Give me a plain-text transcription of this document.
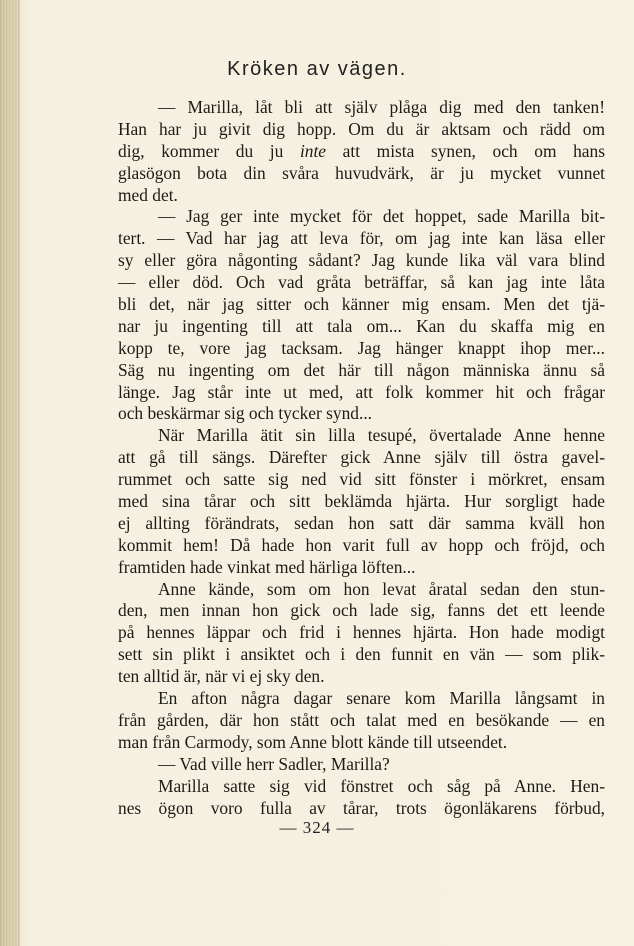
Kröken av vägen.
— Marilla, låt bli att själv plåga dig med den tanken!
Han har ju givit dig hopp. Om du är aktsam och rädd om
dig, kommer du ju inte att mista synen, och om hans
glasögon bota din svåra huvudvärk, är ju mycket vunnet
med det.
— Jag ger inte mycket för det hoppet, sade Marilla bit-
tert. — Vad har jag att leva för, om jag inte kan läsa eller
sy eller göra någonting sådant? Jag kunde lika väl vara blind
— eller död. Och vad gråta beträffar, så kan jag inte låta
bli det, när jag sitter och känner mig ensam. Men det tjä-
nar ju ingenting till att tala om... Kan du skaffa mig en
kopp te, vore jag tacksam. Jag hänger knappt ihop mer...
Säg nu ingenting om det här till någon människa ännu så
länge. Jag står inte ut med, att folk kommer hit och frågar
och beskärmar sig och tycker synd...
När Marilla ätit sin lilla tesupé, övertalade Anne henne
att gå till sängs. Därefter gick Anne själv till östra gavel-
rummet och satte sig ned vid sitt fönster i mörkret, ensam
med sina tårar och sitt beklämda hjärta. Hur sorgligt hade
ej allting förändrats, sedan hon satt där samma kväll hon
kommit hem! Då hade hon varit full av hopp och fröjd, och
framtiden hade vinkat med härliga löften...
Anne kände, som om hon levat åratal sedan den stun-
den, men innan hon gick och lade sig, fanns det ett leende
på hennes läppar och frid i hennes hjärta. Hon hade modigt
sett sin plikt i ansiktet och i den funnit en vän — som plik-
ten alltid är, när vi ej sky den.
En afton några dagar senare kom Marilla långsamt in
från gården, där hon stått och talat med en besökande — en
man från Carmody, som Anne blott kände till utseendet.
— Vad ville herr Sadler, Marilla?
Marilla satte sig vid fönstret och såg på Anne. Hen-
nes ögon voro fulla av tårar, trots ögonläkarens förbud,
— 324 —
